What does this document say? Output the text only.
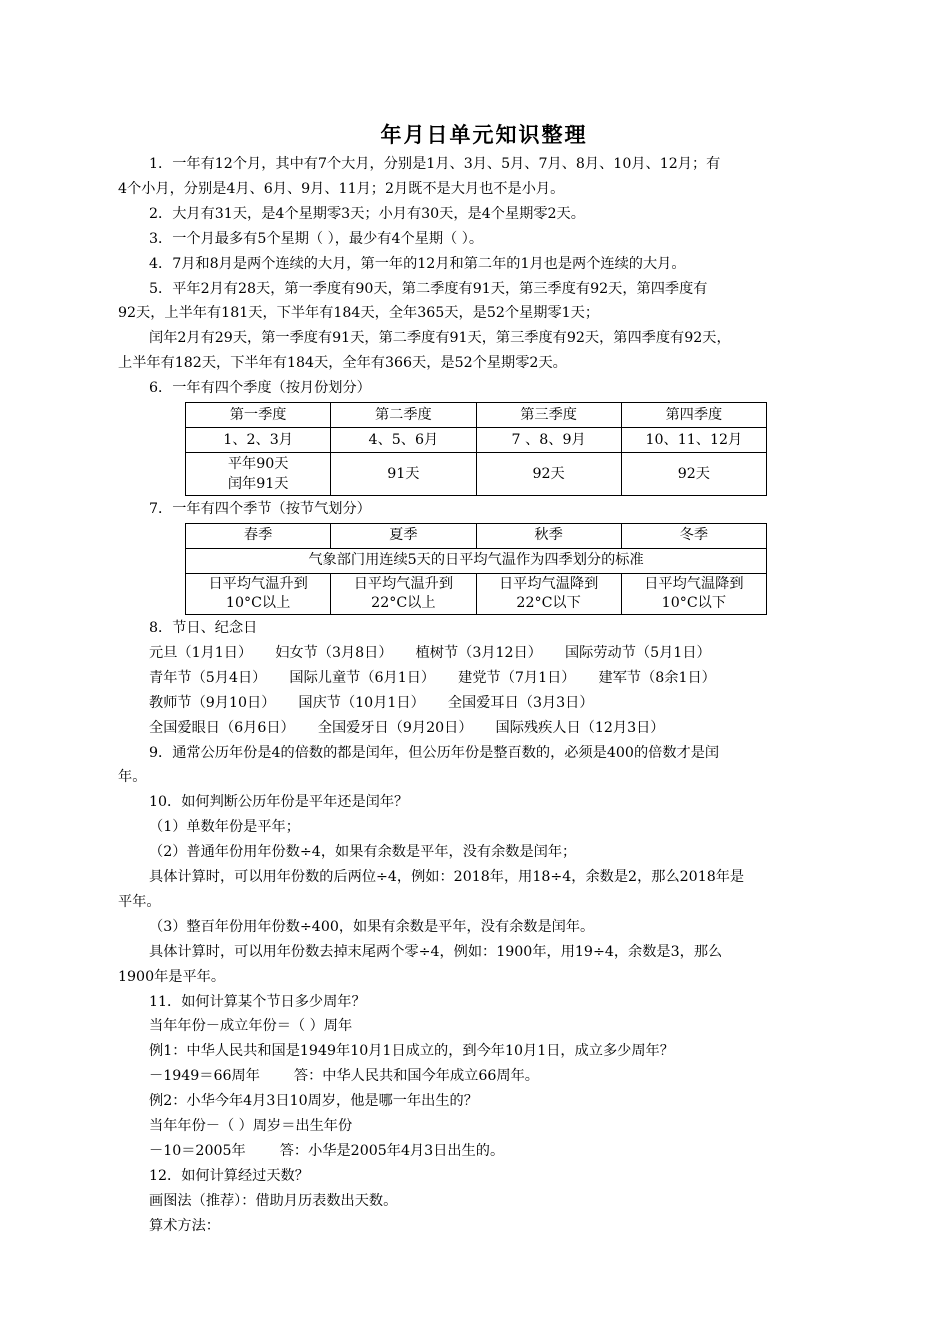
年月日单元知识整理
1．一年有12个月，其中有7个大月，分别是1月、3月、5月、7月、8月、10月、12月；有
4个小月，分别是4月、6月、9月、11月；2月既不是大月也不是小月。
2．大月有31天，是4个星期零3天；小月有30天，是4个星期零2天。
3．一个月最多有5个星期（ ），最少有4个星期（ ）。
4．7月和8月是两个连续的大月，第一年的12月和第二年的1月也是两个连续的大月。
5．平年2月有28天，第一季度有90天，第二季度有91天，第三季度有92天，第四季度有
92天，上半年有181天，下半年有184天，全年365天，是52个星期零1天；
闰年2月有29天，第一季度有91天，第二季度有91天，第三季度有92天，第四季度有92天，
上半年有182天，下半年有184天，全年有366天，是52个星期零2天。
6．一年有四个季度（按月份划分）
第一季度	第二季度	第三季度	第四季度
1、2、3月	4、5、6月	7 、8、9月	10、11、12月

平年90天
闰年91天	91天	92天	92天
7．一年有四个季节（按节气划分）
春季	夏季	秋季	冬季
气象部门用连续5天的日平均气温作为四季划分的标准			

日平均气温升到
10°C以上	日平均气温升到
22°C以上	日平均气温降到
22°C以下	日平均气温降到
10°C以下
8．节日、纪念日
元旦（1月1日） 妇女节（3月8日） 植树节（3月12日） 国际劳动节（5月1日）
青年节（5月4日） 国际儿童节（6月1日） 建党节（7月1日） 建军节（8余1日）
教师节（9月10日） 国庆节（10月1日） 全国爱耳日（3月3日）
全国爱眼日（6月6日） 全国爱牙日（9月20日） 国际残疾人日（12月3日）
9．通常公历年份是4的倍数的都是闰年，但公历年份是整百数的，必须是400的倍数才是闰
年。
10．如何判断公历年份是平年还是闰年？
（1）单数年份是平年；
（2）普通年份用年份数÷4，如果有余数是平年，没有余数是闰年；
具体计算时，可以用年份数的后两位÷4，例如：2018年，用18÷4，余数是2，那么2018年是
平年。
（3）整百年份用年份数÷400，如果有余数是平年，没有余数是闰年。
具体计算时，可以用年份数去掉末尾两个零÷4，例如：1900年，用19÷4，余数是3，那么
1900年是平年。
11．如何计算某个节日多少周年？
当年年份－成立年份＝（ ）周年
例1：中华人民共和国是1949年10月1日成立的，到今年10月1日，成立多少周年？
－1949＝66周年 答：中华人民共和国今年成立66周年。
例2：小华今年4月3日10周岁，他是哪一年出生的？
当年年份－（ ）周岁＝出生年份
－10＝2005年 答：小华是2005年4月3日出生的。
12．如何计算经过天数？
画图法（推荐）：借助月历表数出天数。
算术方法：
